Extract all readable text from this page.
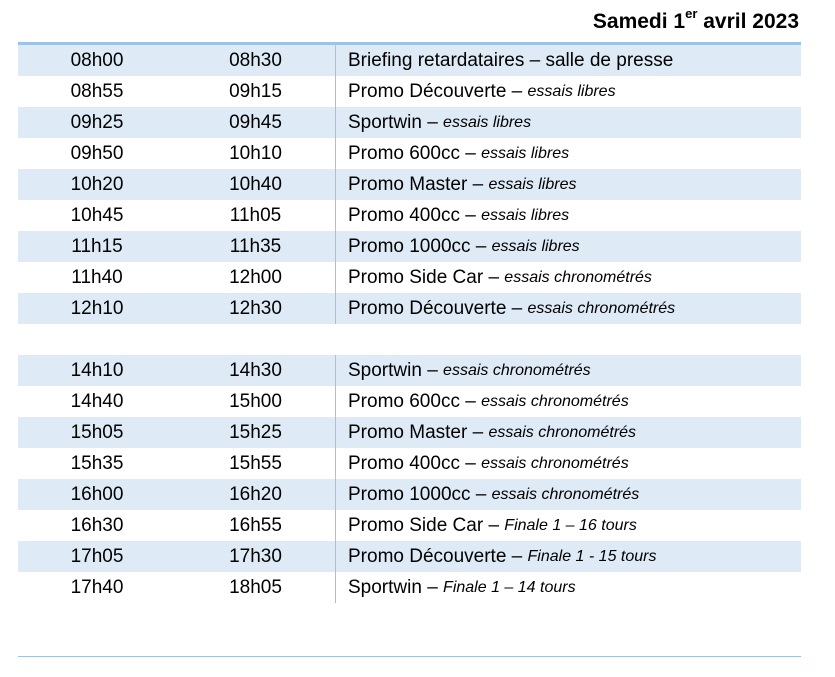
Samedi 1er avril 2023
08h00	08h30	Briefing retardataires – salle de presse
08h55	09h15	Promo Découverte – essais libres
09h25	09h45	Sportwin – essais libres
09h50	10h10	Promo 600cc – essais libres
10h20	10h40	Promo Master – essais libres
10h45	11h05	Promo 400cc – essais libres
11h15	11h35	Promo 1000cc – essais libres
11h40	12h00	Promo Side Car – essais chronométrés
12h10	12h30	Promo Découverte – essais chronométrés
14h10	14h30	Sportwin – essais chronométrés
14h40	15h00	Promo 600cc – essais chronométrés
15h05	15h25	Promo Master – essais chronométrés
15h35	15h55	Promo 400cc – essais chronométrés
16h00	16h20	Promo 1000cc – essais chronométrés
16h30	16h55	Promo Side Car – Finale 1 – 16 tours
17h05	17h30	Promo Découverte – Finale 1 - 15 tours
17h40	18h05	Sportwin – Finale 1 – 14 tours
